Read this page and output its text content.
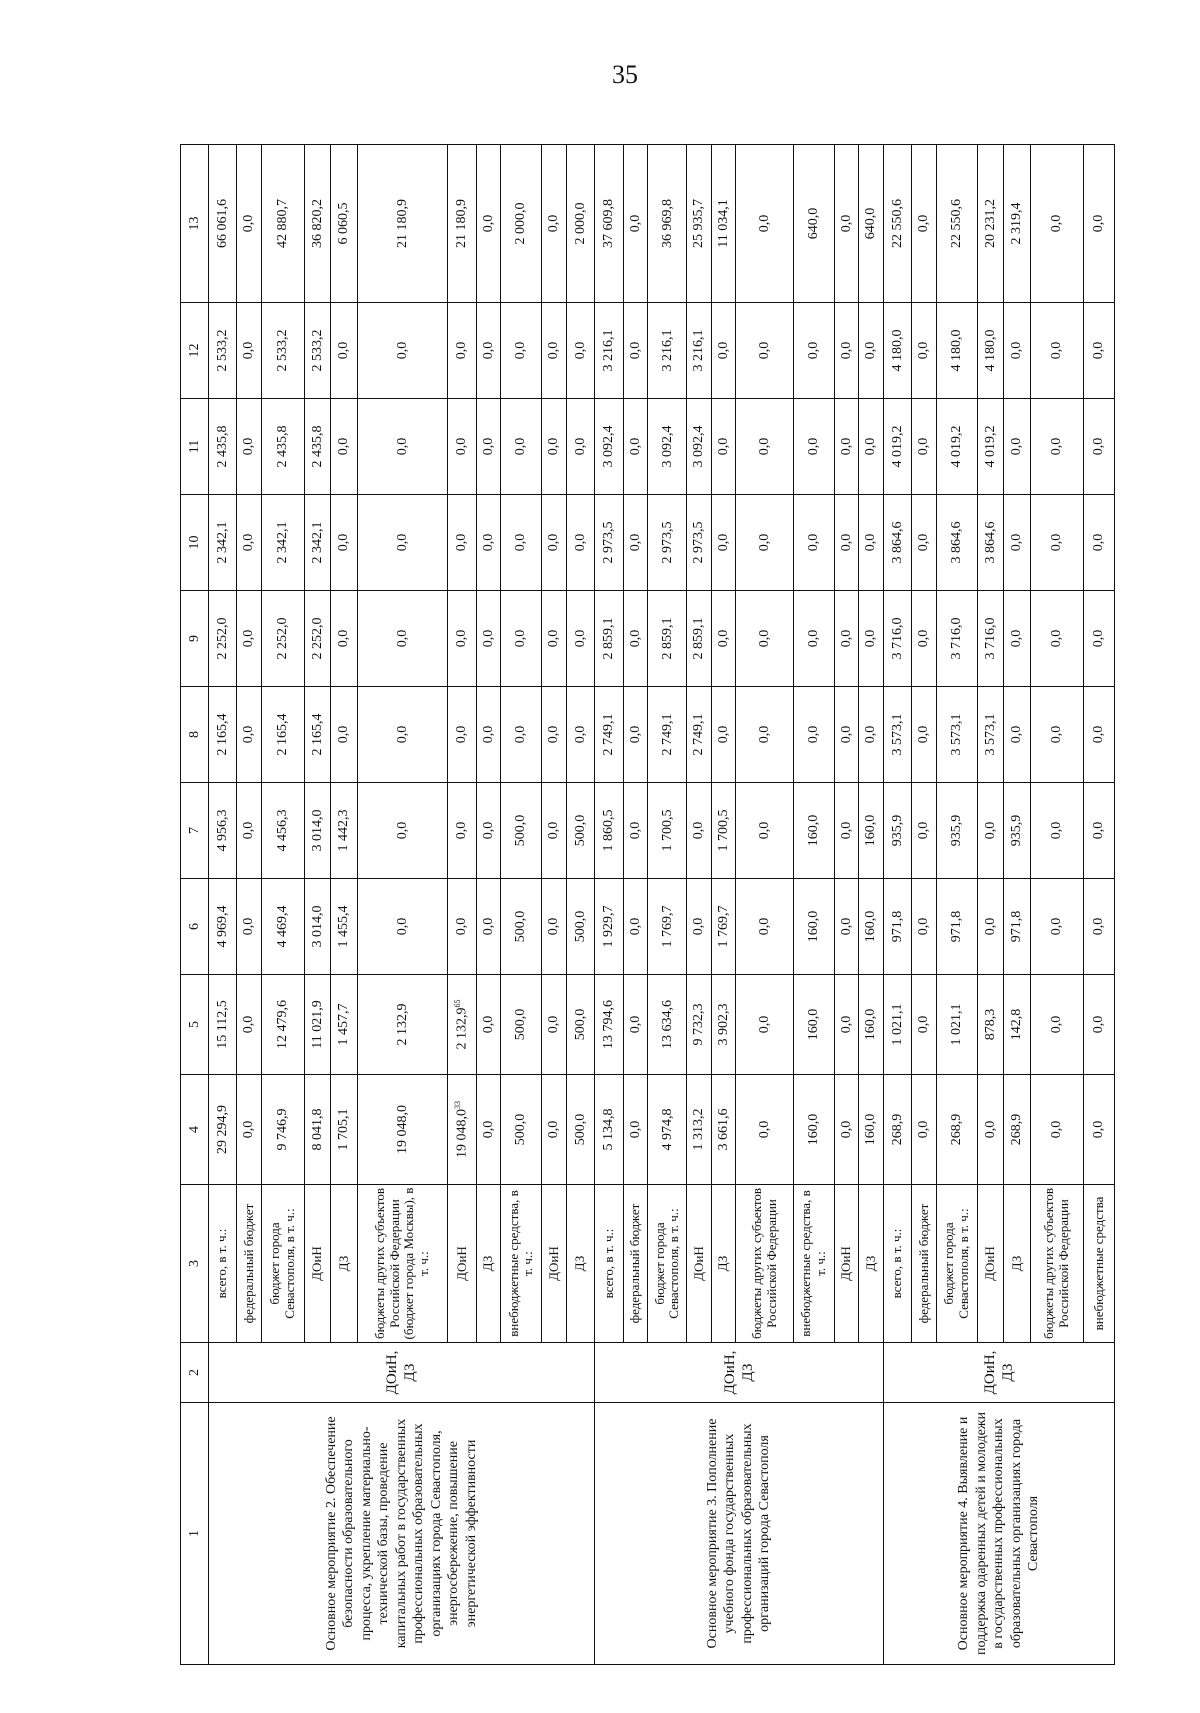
35
1	2	3	4	5	6	7	8	9	10	11	12	13
Основное мероприятие 2. Обеспечение безопасности образовательного процесса, укрепление материально-технической базы, проведение капитальных работ в государственных профессиональных образовательных организациях города Севастополя, энергосбережение, повышение энергетической эффективности	ДОиН, ДЗ	всего, в т. ч.:	29 294,9	15 112,5	4 969,4	4 956,3	2 165,4	2 252,0	2 342,1	2 435,8	2 533,2	66 061,6
		федеральный бюджет	0,0	0,0	0,0	0,0	0,0	0,0	0,0	0,0	0,0	0,0
		бюджет города Севастополя, в т. ч.:	9 746,9	12 479,6	4 469,4	4 456,3	2 165,4	2 252,0	2 342,1	2 435,8	2 533,2	42 880,7
		ДОиН	8 041,8	11 021,9	3 014,0	3 014,0	2 165,4	2 252,0	2 342,1	2 435,8	2 533,2	36 820,2
		ДЗ	1 705,1	1 457,7	1 455,4	1 442,3	0,0	0,0	0,0	0,0	0,0	6 060,5
		бюджеты других субъектов Российской Федерации (бюджет города Москвы), в т. ч.:	19 048,0	2 132,9	0,0	0,0	0,0	0,0	0,0	0,0	0,0	21 180,9
		ДОиН	19 048,0$^{33}$	2 132,9$^{65}$	0,0	0,0	0,0	0,0	0,0	0,0	0,0	21 180,9
		ДЗ	0,0	0,0	0,0	0,0	0,0	0,0	0,0	0,0	0,0	0,0
		внебюджетные средства, в т. ч.:	500,0	500,0	500,0	500,0	0,0	0,0	0,0	0,0	0,0	2 000,0
		ДОиН	0,0	0,0	0,0	0,0	0,0	0,0	0,0	0,0	0,0	0,0
		ДЗ	500,0	500,0	500,0	500,0	0,0	0,0	0,0	0,0	0,0	2 000,0
Основное мероприятие 3. Пополнение учебного фонда государственных профессиональных образовательных организаций города Севастополя	ДОиН, ДЗ	всего, в т. ч.:	5 134,8	13 794,6	1 929,7	1 860,5	2 749,1	2 859,1	2 973,5	3 092,4	3 216,1	37 609,8
		федеральный бюджет	0,0	0,0	0,0	0,0	0,0	0,0	0,0	0,0	0,0	0,0
		бюджет города Севастополя, в т. ч.:	4 974,8	13 634,6	1 769,7	1 700,5	2 749,1	2 859,1	2 973,5	3 092,4	3 216,1	36 969,8
		ДОиН	1 313,2	9 732,3	0,0	0,0	2 749,1	2 859,1	2 973,5	3 092,4	3 216,1	25 935,7
		ДЗ	3 661,6	3 902,3	1 769,7	1 700,5	0,0	0,0	0,0	0,0	0,0	11 034,1
		бюджеты других субъектов Российской Федерации	0,0	0,0	0,0	0,0	0,0	0,0	0,0	0,0	0,0	0,0
		внебюджетные средства, в т. ч.:	160,0	160,0	160,0	160,0	0,0	0,0	0,0	0,0	0,0	640,0
		ДОиН	0,0	0,0	0,0	0,0	0,0	0,0	0,0	0,0	0,0	0,0
		ДЗ	160,0	160,0	160,0	160,0	0,0	0,0	0,0	0,0	0,0	640,0
Основное мероприятие 4. Выявление и поддержка одаренных детей и молодежи в государственных профессиональных образовательных организациях города Севастополя	ДОиН, ДЗ	всего, в т. ч.:	268,9	1 021,1	971,8	935,9	3 573,1	3 716,0	3 864,6	4 019,2	4 180,0	22 550,6
		федеральный бюджет	0,0	0,0	0,0	0,0	0,0	0,0	0,0	0,0	0,0	0,0
		бюджет города Севастополя, в т. ч.:	268,9	1 021,1	971,8	935,9	3 573,1	3 716,0	3 864,6	4 019,2	4 180,0	22 550,6
		ДОиН	0,0	878,3	0,0	0,0	3 573,1	3 716,0	3 864,6	4 019,2	4 180,0	20 231,2
		ДЗ	268,9	142,8	971,8	935,9	0,0	0,0	0,0	0,0	0,0	2 319,4
		бюджеты других субъектов Российской Федерации	0,0	0,0	0,0	0,0	0,0	0,0	0,0	0,0	0,0	0,0
		внебюджетные средства	0,0	0,0	0,0	0,0	0,0	0,0	0,0	0,0	0,0	0,0
